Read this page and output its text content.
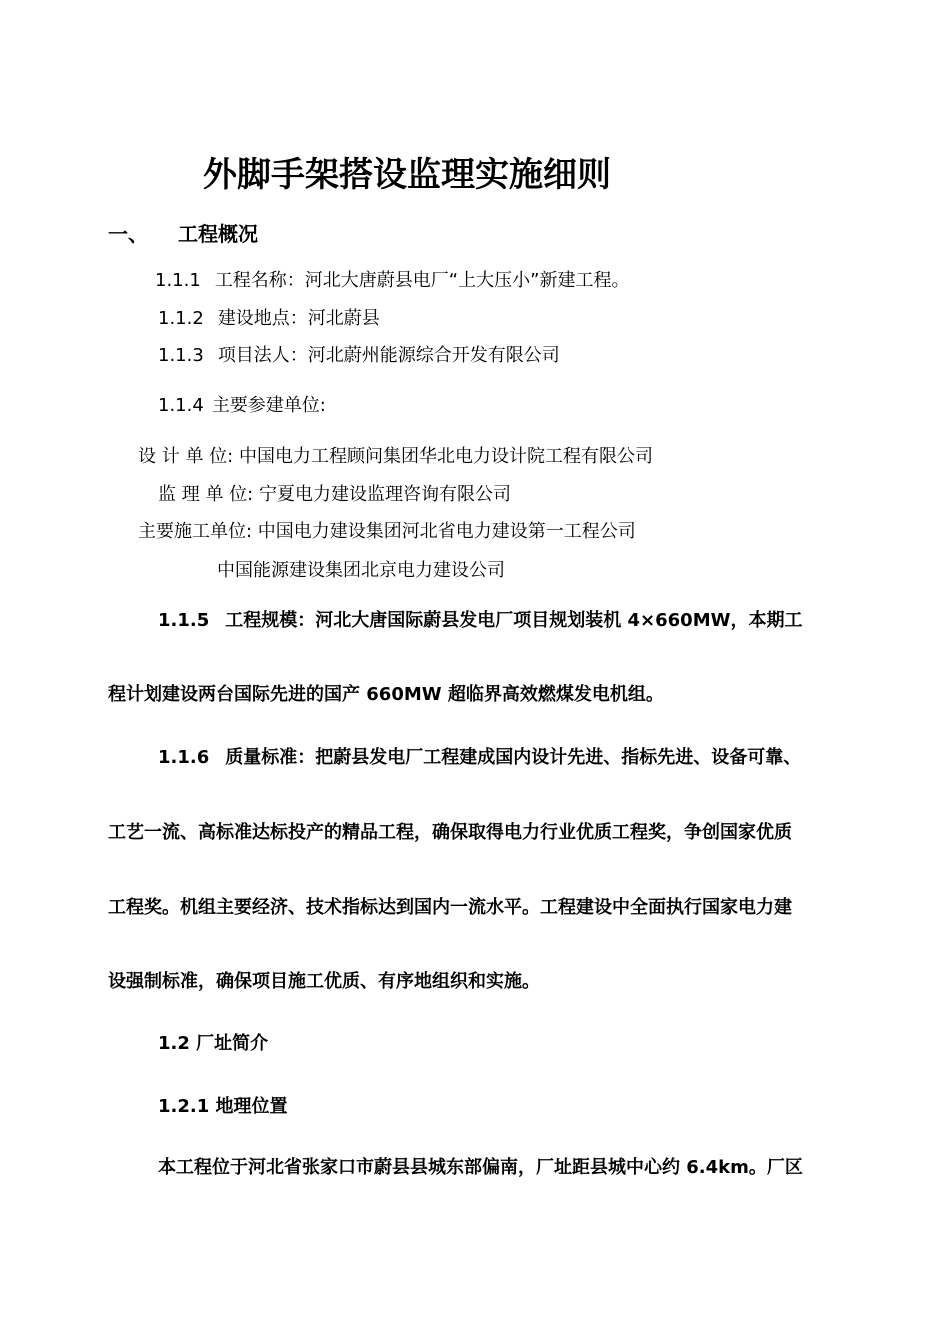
外脚手架搭设监理实施细则
一、 工程概况
1.1.1 工程名称：河北大唐蔚县电厂“上大压小”新建工程。
1.1.2 建设地点：河北蔚县
1.1.3 项目法人：河北蔚州能源综合开发有限公司
1.1.4 主要参建单位:
设 计 单 位: 中国电力工程顾问集团华北电力设计院工程有限公司
监 理 单 位: 宁夏电力建设监理咨询有限公司
主要施工单位: 中国电力建设集团河北省电力建设第一工程公司
中国能源建设集团北京电力建设公司
1.1.5 工程规模：河北大唐国际蔚县发电厂项目规划装机 4×660MW，本期工
程计划建设两台国际先进的国产 660MW 超临界高效燃煤发电机组。
1.1.6 质量标准：把蔚县发电厂工程建成国内设计先进、指标先进、设备可靠、
工艺一流、高标准达标投产的精品工程，确保取得电力行业优质工程奖，争创国家优质
工程奖。机组主要经济、技术指标达到国内一流水平。工程建设中全面执行国家电力建
设强制标准，确保项目施工优质、有序地组织和实施。
1.2 厂址简介
1.2.1 地理位置
本工程位于河北省张家口市蔚县县城东部偏南，厂址距县城中心约 6.4km。厂区
